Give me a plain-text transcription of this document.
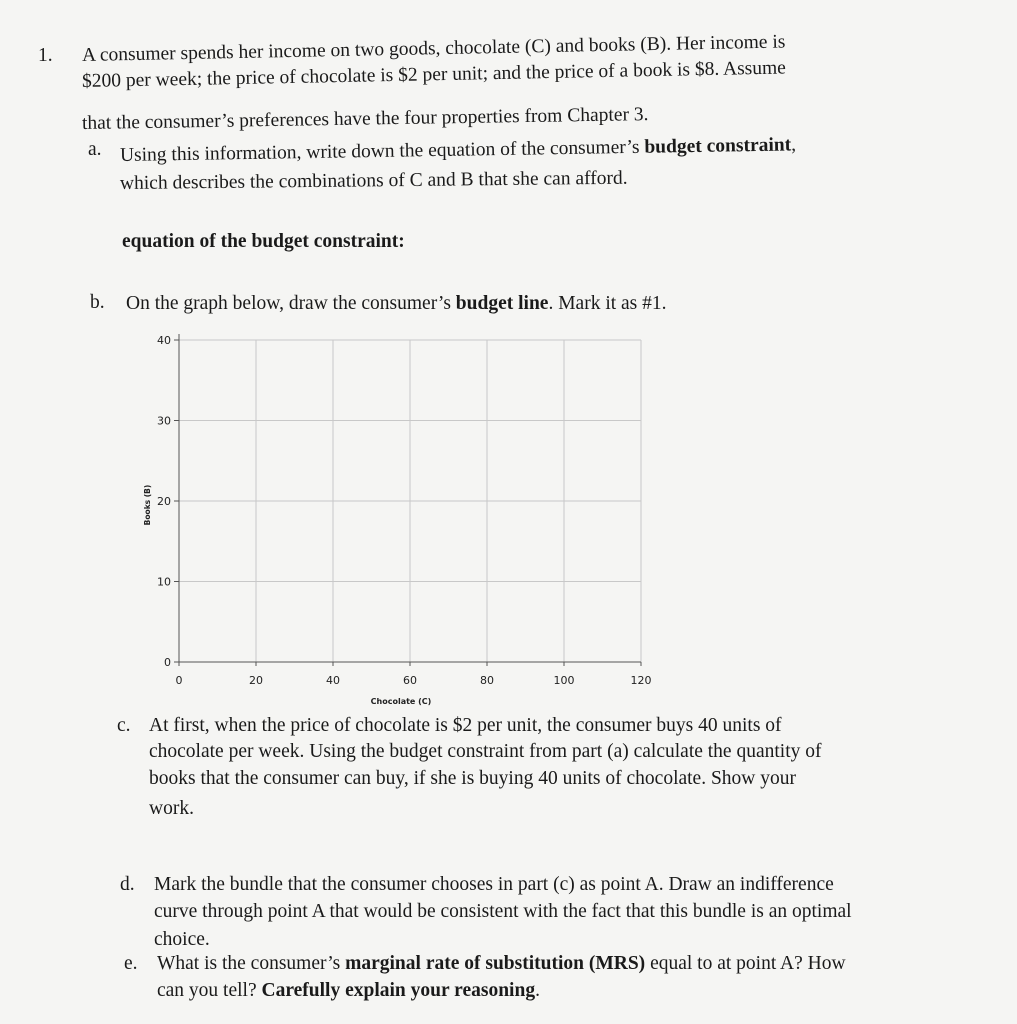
1. A consumer spends her income on two goods, chocolate (C) and books (B). Her income is
$200 per week; the price of chocolate is $2 per unit; and the price of a book is $8. Assume
that the consumer’s preferences have the four properties from Chapter 3.
a. Using this information, write down the equation of the consumer’s budget constraint,
which describes the combinations of C and B that she can afford.
equation of the budget constraint:
b. On the graph below, draw the consumer’s budget line. Mark it as #1.
0
10
20
30
40
0	20	40	60	80	100	120
Chocolate (C)
Books (B)
c. At first, when the price of chocolate is $2 per unit, the consumer buys 40 units of
chocolate per week. Using the budget constraint from part (a) calculate the quantity of
books that the consumer can buy, if she is buying 40 units of chocolate. Show your
work.
d. Mark the bundle that the consumer chooses in part (c) as point A. Draw an indifference
curve through point A that would be consistent with the fact that this bundle is an optimal
choice.
e. What is the consumer’s marginal rate of substitution (MRS) equal to at point A? How
can you tell? Carefully explain your reasoning.
